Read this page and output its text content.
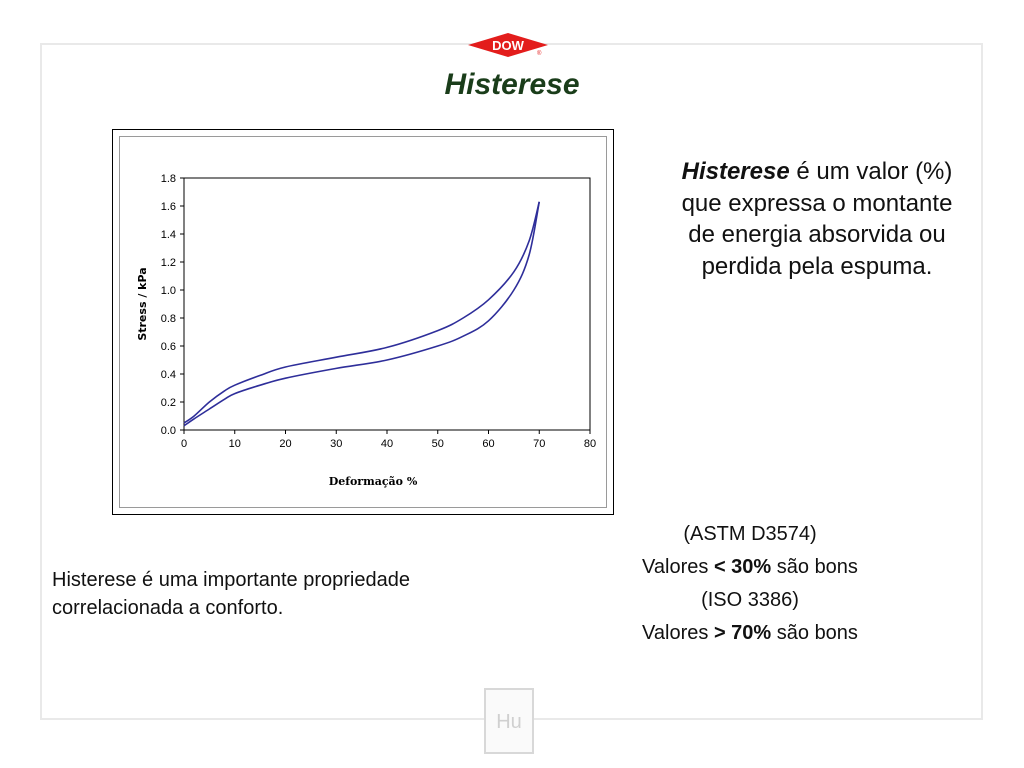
DOW
®
Histerese
Stress / kPa
Deformação %
0	10	20	30	40	50	60	70	80
0.0
0.2
0.4
0.6
0.8
1.0
1.2
1.4
1.6
1.8	Histerese é um valor (%) que expressa o montante de energia absorvida ou perdida pela espuma.
(ASTM D3574)
Valores < 30% são bons
(ISO 3386)
Valores > 70% são bons
Histerese é uma importante propriedade correlacionada a conforto.
Hu
